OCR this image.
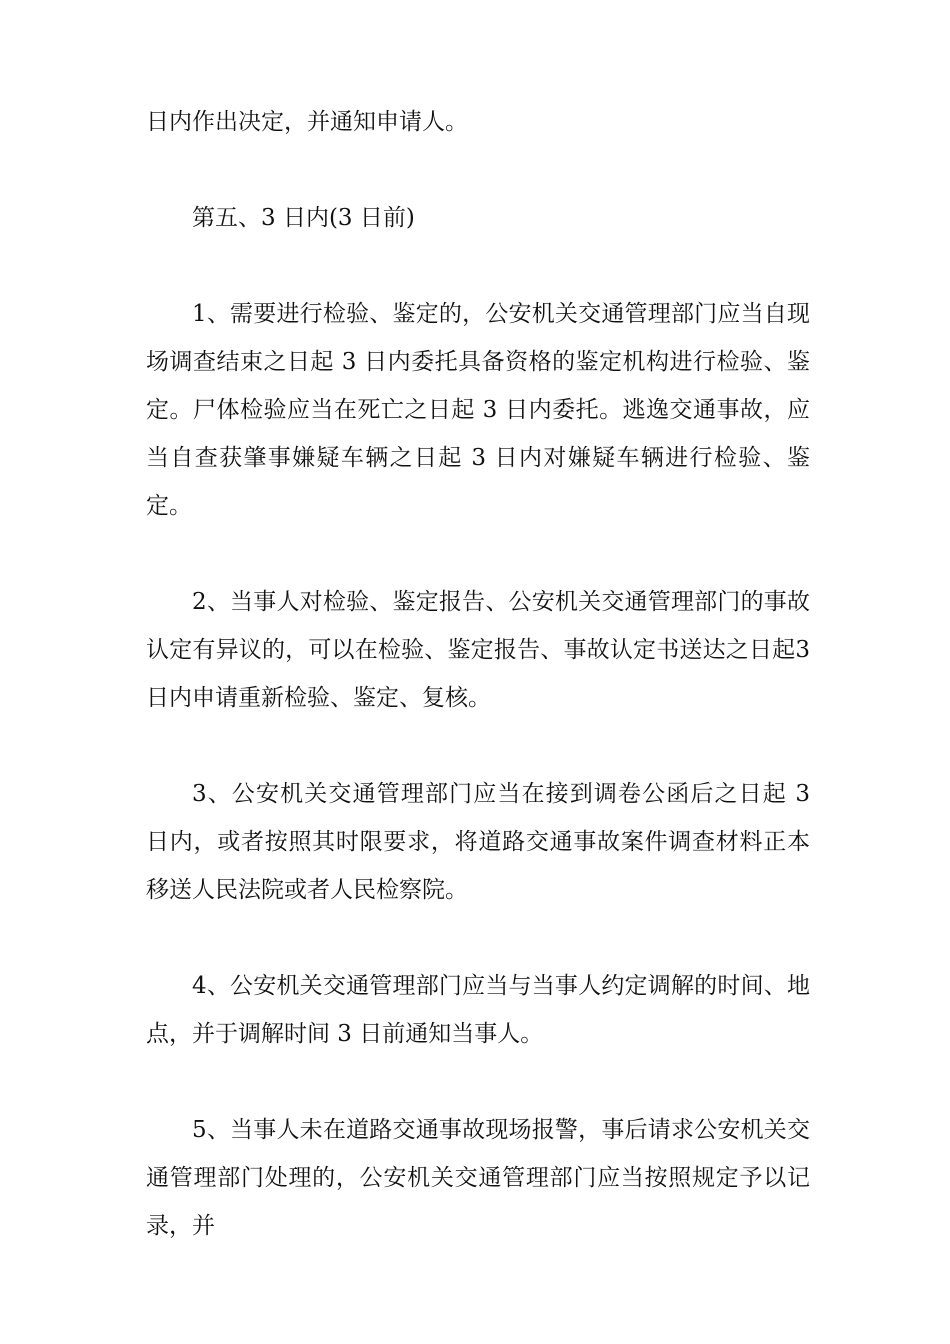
日内作出决定，并通知申请人。

第五、3 日内(3 日前)

1、需要进行检验、鉴定的，公安机关交通管理部门应当自现场调查结束之日起 3 日内委托具备资格的鉴定机构进行检验、鉴定。尸体检验应当在死亡之日起 3 日内委托。逃逸交通事故，应当自查获肇事嫌疑车辆之日起 3 日内对嫌疑车辆进行检验、鉴定。

2、当事人对检验、鉴定报告、公安机关交通管理部门的事故认定有异议的，可以在检验、鉴定报告、事故认定书送达之日起3 日内申请重新检验、鉴定、复核。

3、公安机关交通管理部门应当在接到调卷公函后之日起 3 日内，或者按照其时限要求，将道路交通事故案件调查材料正本移送人民法院或者人民检察院。

4、公安机关交通管理部门应当与当事人约定调解的时间、地点，并于调解时间 3 日前通知当事人。

5、当事人未在道路交通事故现场报警，事后请求公安机关交通管理部门处理的，公安机关交通管理部门应当按照规定予以记录，并
